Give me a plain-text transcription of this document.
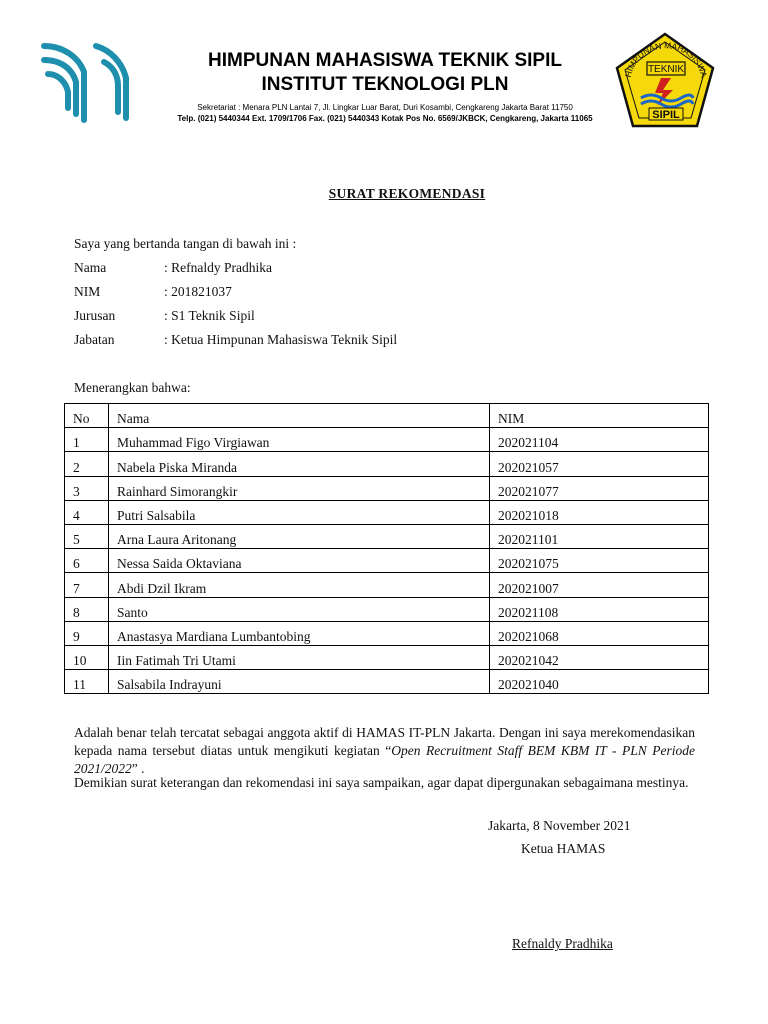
HIMPUNAN MAHASISWA
TEKNIK
SIPIL
HIMPUNAN MAHASISWA TEKNIK SIPIL
INSTITUT TEKNOLOGI PLN
Sekretariat : Menara PLN Lantai 7, Jl. Lingkar Luar Barat, Duri Kosambi, Cengkareng Jakarta Barat 11750
Telp. (021) 5440344 Ext. 1709/1706 Fax. (021) 5440343 Kotak Pos No. 6569/JKBCK, Cengkareng, Jakarta 11065
SURAT REKOMENDASI
Saya yang bertanda tangan di bawah ini :
Nama	: Refnaldy Pradhika
NIM	: 201821037
Jurusan	: S1 Teknik Sipil
Jabatan	: Ketua Himpunan Mahasiswa Teknik Sipil
Menerangkan bahwa:
No	Nama	NIM
1	Muhammad Figo Virgiawan	202021104
2	Nabela Piska Miranda	202021057
3	Rainhard Simorangkir	202021077
4	Putri Salsabila	202021018
5	Arna Laura Aritonang	202021101
6	Nessa Saida Oktaviana	202021075
7	Abdi Dzil Ikram	202021007
8	Santo	202021108
9	Anastasya Mardiana Lumbantobing	202021068
10	Iin Fatimah Tri Utami	202021042
11	Salsabila Indrayuni	202021040
Adalah benar telah tercatat sebagai anggota aktif di HAMAS IT-PLN Jakarta. Dengan ini saya merekomendasikan kepada nama tersebut diatas untuk mengikuti kegiatan “Open Recruitment Staff BEM KBM IT - PLN Periode 2021/2022” .
Demikian surat keterangan dan rekomendasi ini saya sampaikan, agar dapat dipergunakan sebagaimana mestinya.
Jakarta, 8 November 2021
Ketua HAMAS
Refnaldy Pradhika
